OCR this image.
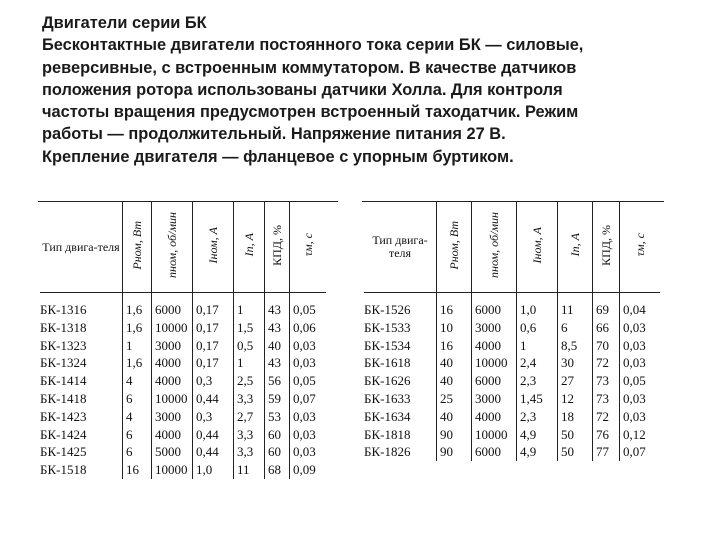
Двигатели серии БК
Бесконтактные двигатели постоянного тока серии БК — силовые,
реверсивные, с встроенным коммутатором. В качестве датчиков
положения ротора использованы датчики Холла. Для контроля
частоты вращения предусмотрен встроенный таходатчик. Режим
работы — продолжительный. Напряжение питания 27 В.
Крепление двигателя — фланцевое с упорным буртиком.
Тип двига-теля	Pном, Вт	nном, об/мин	Iном, А	Iп, А	КПД, %	τм, с
БК-1316	1,6	6000	0,17	1	43	0,05
БК-1318	1,6	10000	0,17	1,5	43	0,06
БК-1323	1	3000	0,17	0,5	40	0,03
БК-1324	1,6	4000	0,17	1	43	0,03
БК-1414	4	4000	0,3	2,5	56	0,05
БК-1418	6	10000	0,44	3,3	59	0,07
БК-1423	4	3000	0,3	2,7	53	0,03
БК-1424	6	4000	0,44	3,3	60	0,03
БК-1425	6	5000	0,44	3,3	60	0,03
БК-1518	16	10000	1,0	11	68	0,09
Тип двига-теля	Pном, Вт	nном, об/мин	Iном, А	Iп, А	КПД, %	τм, с
БК-1526	16	6000	1,0	11	69	0,04
БК-1533	10	3000	0,6	6	66	0,03
БК-1534	16	4000	1	8,5	70	0,03
БК-1618	40	10000	2,4	30	72	0,03
БК-1626	40	6000	2,3	27	73	0,05
БК-1633	25	3000	1,45	12	73	0,03
БК-1634	40	4000	2,3	18	72	0,03
БК-1818	90	10000	4,9	50	76	0,12
БК-1826	90	6000	4,9	50	77	0,07
